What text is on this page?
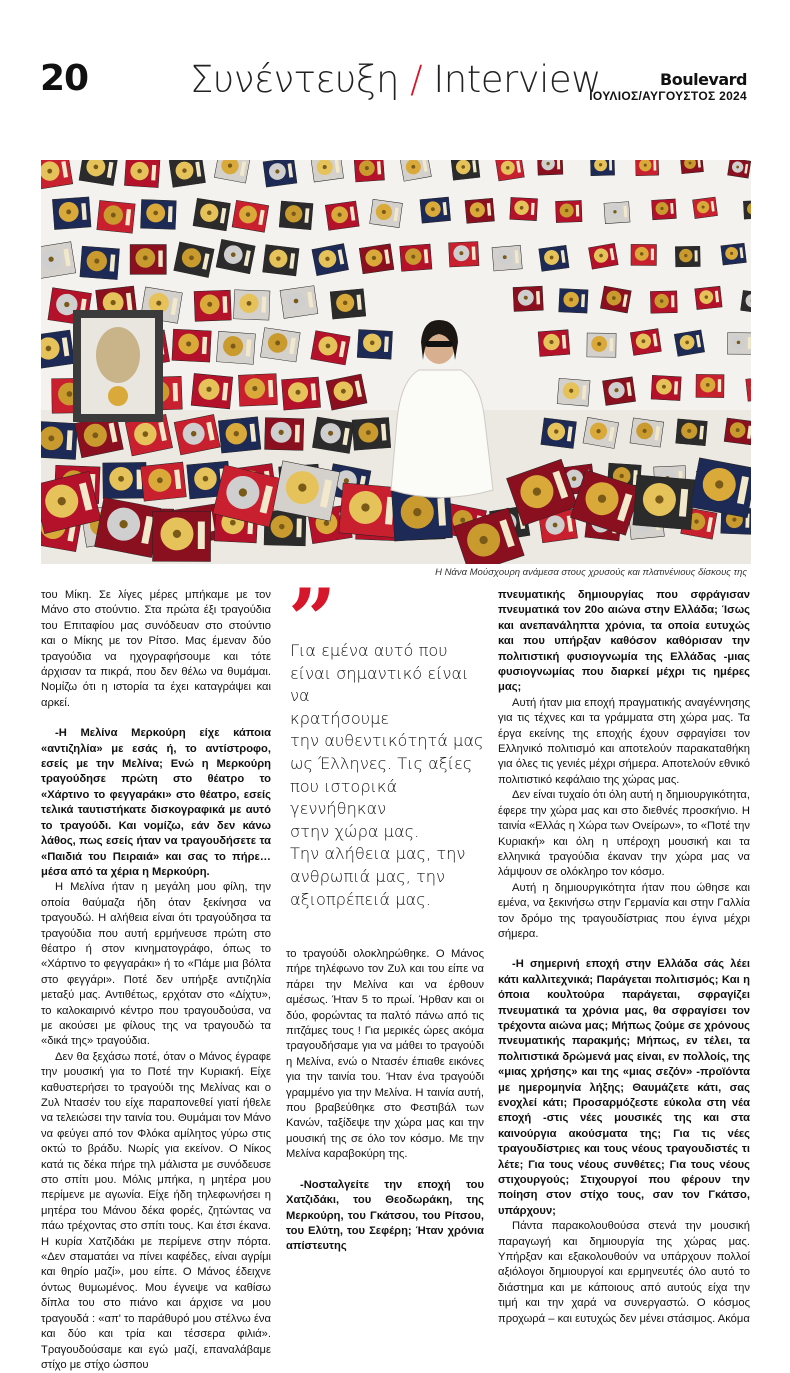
20	Συνέντευξη / Interview	Boulevard
ΙΟΥΛΙΟΣ/ΑΥΓΟΥΣΤΟΣ 2024
Η Νάνα Μούσχουρη ανάμεσα στους χρυσούς και πλατινένιους δίσκους της

του Μίκη. Σε λίγες μέρες μπήκαμε με τον Μάνο στο στούντιο. Στα πρώτα έξι τραγούδια του Επιταφίου μας συνόδευαν στο στούντιο και ο Μίκης με τον Ρίτσο. Μας έμεναν δύο τραγούδια να ηχογραφήσουμε και τότε άρχισαν τα πικρά, που δεν θέλω να θυμάμαι. Νομίζω ότι η ιστορία τα έχει καταγράψει και αρκεί.

-Η Μελίνα Μερκούρη είχε κάποια «αντιζηλία» με εσάς ή, το αντίστροφο, εσείς με την Μελίνα; Ενώ η Μερκούρη τραγούδησε πρώτη στο θέατρο το «Χάρτινο το φεγγαράκι» στο θέατρο, εσείς τελικά ταυτιστήκατε δισκογραφικά με αυτό το τραγούδι. Και νομίζω, εάν δεν κάνω λάθος, πως εσείς ήταν να τραγουδήσετε τα «Παιδιά του Πειραιά» και σας το πήρε…μέσα από τα χέρια η Μερκούρη.

Η Μελίνα ήταν η μεγάλη μου φίλη, την οποία θαύμαζα ήδη όταν ξεκίνησα να τραγουδώ. Η αλήθεια είναι ότι τραγούδησα τα τραγούδια που αυτή ερμήνευσε πρώτη στο θέατρο ή στον κινηματογράφο, όπως το «Χάρτινο το φεγγαράκι» ή το «Πάμε μια βόλτα στο φεγγάρι». Ποτέ δεν υπήρξε αντιζηλία μεταξύ μας. Αντιθέτως, ερχόταν στο «Δίχτυ», το καλοκαιρινό κέντρο που τραγουδούσα, να με ακούσει με φίλους της να τραγουδώ τα «δικά της» τραγούδια.

Δεν θα ξεχάσω ποτέ, όταν ο Μάνος έγραφε την μουσική για το Ποτέ την Κυριακή. Είχε καθυστερήσει το τραγούδι της Μελίνας και ο Ζυλ Ντασέν του είχε παραπονεθεί γιατί ήθελε να τελειώσει την ταινία του. Θυμάμαι τον Μάνο να φεύγει από τον Φλόκα αμίλητος γύρω στις οκτώ το βράδυ. Νωρίς για εκείνον. Ο Νίκος κατά τις δέκα πήρε τηλ μάλιστα με συνόδευσε στο σπίτι μου. Μόλις μπήκα, η μητέρα μου περίμενε με αγωνία. Είχε ήδη τηλεφωνήσει η μητέρα του Μάνου δέκα φορές, ζητώντας να πάω τρέχοντας στο σπίτι τους. Και έτσι έκανα. Η κυρία Χατζιδάκι με περίμενε στην πόρτα. «Δεν σταματάει να πίνει καφέδες, είναι αγρίμι και θηρίο μαζί», μου είπε. Ο Μάνος έδειχνε όντως θυμωμένος. Μου έγνεψε να καθίσω δίπλα του στο πιάνο και άρχισε να μου τραγουδά : «απ' το παράθυρό μου στέλνω ένα και δύο και τρία και τέσσερα φιλιά». Τραγουδούσαμε και εγώ μαζί, επαναλάβαμε στίχο με στίχο ώσπου

”
Για εμένα αυτό που
είναι σημαντικό είναι να
κρατήσουμε
την αυθεντικότητά μας
ως Έλληνες. Τις αξίες
που ιστορικά γεννήθηκαν
στην χώρα μας.
Την αλήθεια μας, την
ανθρωπιά μας, την
αξιοπρέπειά μας.

το τραγούδι ολοκληρώθηκε. Ο Μάνος πήρε τηλέφωνο τον Ζυλ και του είπε να πάρει την Μελίνα και να έρθουν αμέσως. Ήταν 5 το πρωί. Ήρθαν και οι δύο, φορώντας τα παλτό πάνω από τις πιτζάμες τους ! Για μερικές ώρες ακόμα τραγουδήσαμε για να μάθει το τραγούδι η Μελίνα, ενώ ο Ντασέν έπιαθε εικόνες για την ταινία του. Ήταν ένα τραγούδι γραμμένο για την Μελίνα. Η ταινία αυτή, που βραβεύθηκε στο Φεστιβάλ των Κανών, ταξίδεψε την χώρα μας και την μουσική της σε όλο τον κόσμο. Με την Μελίνα καραβοκύρη της.

-Νοσταλγείτε την εποχή του Χατζιδάκι, του Θεοδωράκη, της Μερκούρη, του Γκάτσου, του Ρίτσου, του Ελύτη, του Σεφέρη; Ήταν χρόνια απίστευτης

πνευματικής δημιουργίας που σφράγισαν πνευματικά τον 20ο αιώνα στην Ελλάδα; Ίσως και ανεπανάληπτα χρόνια, τα οποία ευτυχώς και που υπήρξαν καθόσον καθόρισαν την πολιτιστική φυσιογνωμία της Ελλάδας -μιας φυσιογνωμίας που διαρκεί μέχρι τις ημέρες μας;

Αυτή ήταν μια εποχή πραγματικής αναγέννησης για τις τέχνες και τα γράμματα στη χώρα μας. Τα έργα εκείνης της εποχής έχουν σφραγίσει τον Ελληνικό πολιτισμό και αποτελούν παρακαταθήκη για όλες τις γενιές μέχρι σήμερα. Αποτελούν εθνικό πολιτιστικό κεφάλαιο της χώρας μας.

Δεν είναι τυχαίο ότι όλη αυτή η δημιουργικότητα, έφερε την χώρα μας και στο διεθνές προσκήνιο. Η ταινία «Ελλάς η Χώρα των Ονείρων», το «Ποτέ την Κυριακή» και όλη η υπέροχη μουσική και τα ελληνικά τραγούδια έκαναν την χώρα μας να λάμψουν σε ολόκληρο τον κόσμο.

Αυτή η δημιουργικότητα ήταν που ώθησε και εμένα, να ξεκινήσω στην Γερμανία και στην Γαλλία τον δρόμο της τραγουδίστριας που έγινα μέχρι σήμερα.

-Η σημερινή εποχή στην Ελλάδα σάς λέει κάτι καλλιτεχνικά; Παράγεται πολιτισμός; Και η όποια κουλτούρα παράγεται, σφραγίζει πνευματικά τα χρόνια μας, θα σφραγίσει τον τρέχοντα αιώνα μας; Μήπως ζούμε σε χρόνους πνευματικής παρακμής; Μήπως, εν τέλει, τα πολιτιστικά δρώμενά μας είναι, εν πολλοίς, της «μιας χρήσης» και της «μιας σεζόν» -προϊόντα με ημερομηνία λήξης; Θαυμάζετε κάτι, σας ενοχλεί κάτι; Προσαρμόζεστε εύκολα στη νέα εποχή -στις νέες μουσικές της και στα καινούργια ακούσματα της; Για τις νέες τραγουδίστριες και τους νέους τραγουδιστές τι λέτε; Για τους νέους συνθέτες; Για τους νέους στιχουργούς; Στιχουργοί που φέρουν την ποίηση στον στίχο τους, σαν τον Γκάτσο, υπάρχουν;

Πάντα παρακολουθούσα στενά την μουσική παραγωγή και δημιουργία της χώρας μας. Υπήρξαν και εξακολουθούν να υπάρχουν πολλοί αξιόλογοι δημιουργοί και ερμηνευτές όλο αυτό το διάστημα και με κάποιους από αυτούς είχα την τιμή και την χαρά να συνεργαστώ. Ο κόσμος προχωρά – και ευτυχώς δεν μένει στάσιμος. Ακόμα
